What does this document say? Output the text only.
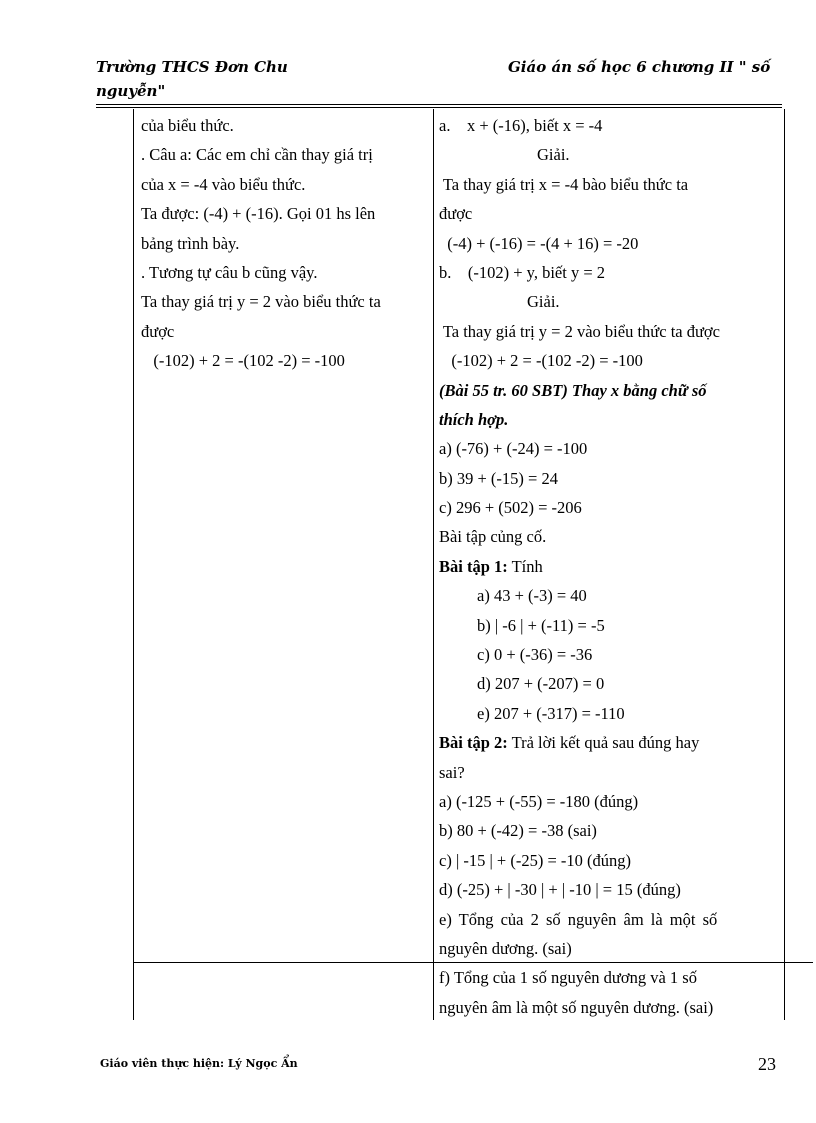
Trường THCS Đơn Chu
nguyễn"
Giáo án số học 6 chương II " số
của biểu thức.
. Câu a: Các em chỉ cần thay giá trị
của x = -4 vào biểu thức.
Ta được: (-4) + (-16). Gọi 01 hs lên
bảng trình bày.
. Tương tự câu b cũng vậy.
Ta thay giá trị y = 2 vào biểu thức ta
được
(-102) + 2 = -(102 -2) = -100
a.    x + (-16), biết x = -4
Giải.
Ta thay giá trị x = -4 bào biểu thức ta
được
(-4) + (-16) = -(4 + 16) = -20
b.    (-102) + y, biết y = 2
Giải.
Ta thay giá trị y = 2 vào biểu thức ta được
(-102) + 2 = -(102 -2) = -100
(Bài 55 tr. 60 SBT) Thay x bằng chữ số
thích hợp.
a) (-76) + (-24) = -100
b) 39 + (-15) = 24
c) 296 + (502) = -206
Bài tập củng cố.
Bài tập 1: Tính
a) 43 + (-3) = 40
b) | -6 | + (-11) = -5
c) 0 + (-36) = -36
d) 207 + (-207) = 0
e) 207 + (-317) = -110
Bài tập 2: Trả lời kết quả sau đúng hay
sai?
a) (-125 + (-55) = -180 (đúng)
b) 80 + (-42) = -38 (sai)
c) | -15 | + (-25) = -10 (đúng)
d) (-25) + | -30 | + | -10 | = 15 (đúng)
e) Tổng của 2 số nguyên âm là một số
nguyên dương. (sai)
f) Tổng của 1 số nguyên dương và 1 số
nguyên âm là một số nguyên dương. (sai)
Giáo viên thực hiện: Lý Ngọc Ẩn	23
